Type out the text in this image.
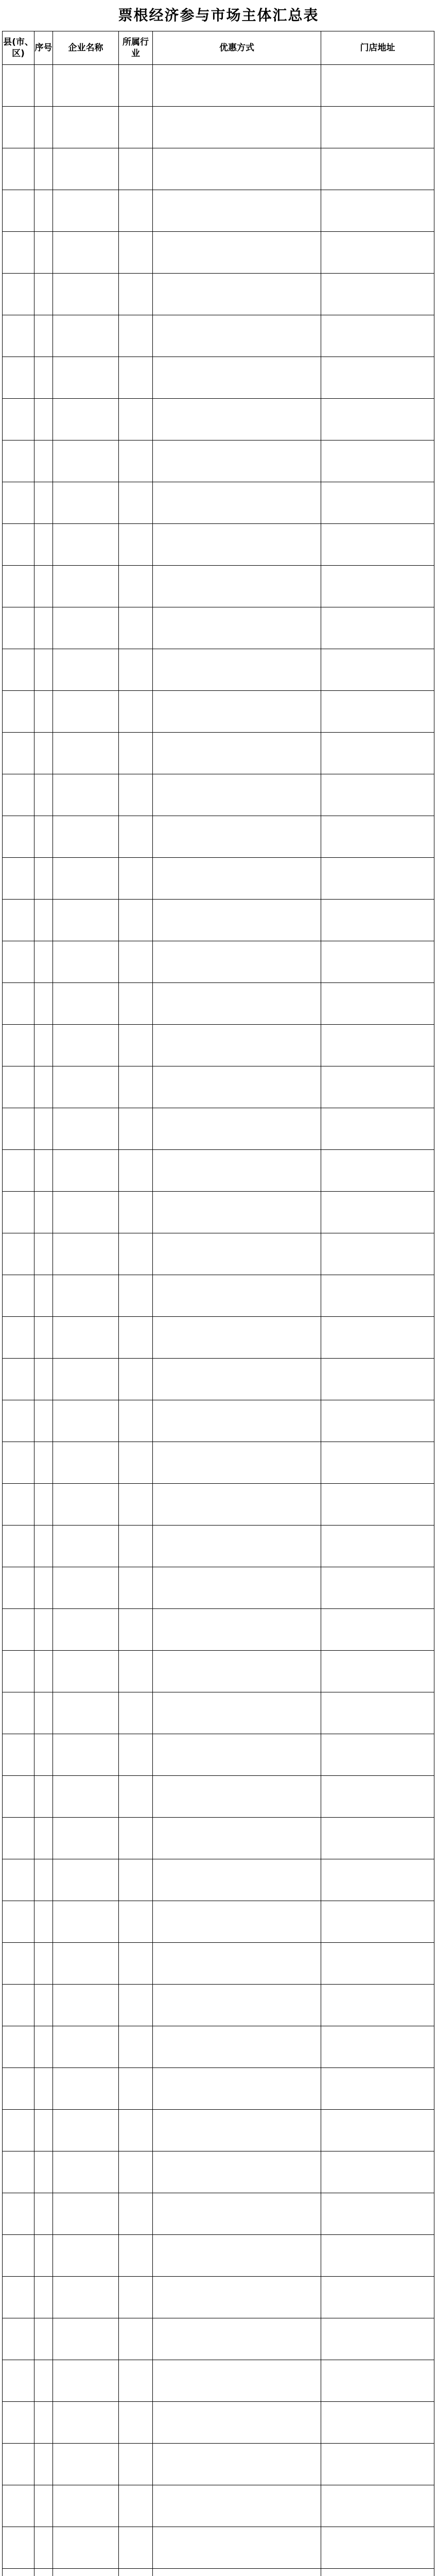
票根经济参与市场主体汇总表
县(市、区)	序号	企业名称	所属行业	优惠方式	门店地址
